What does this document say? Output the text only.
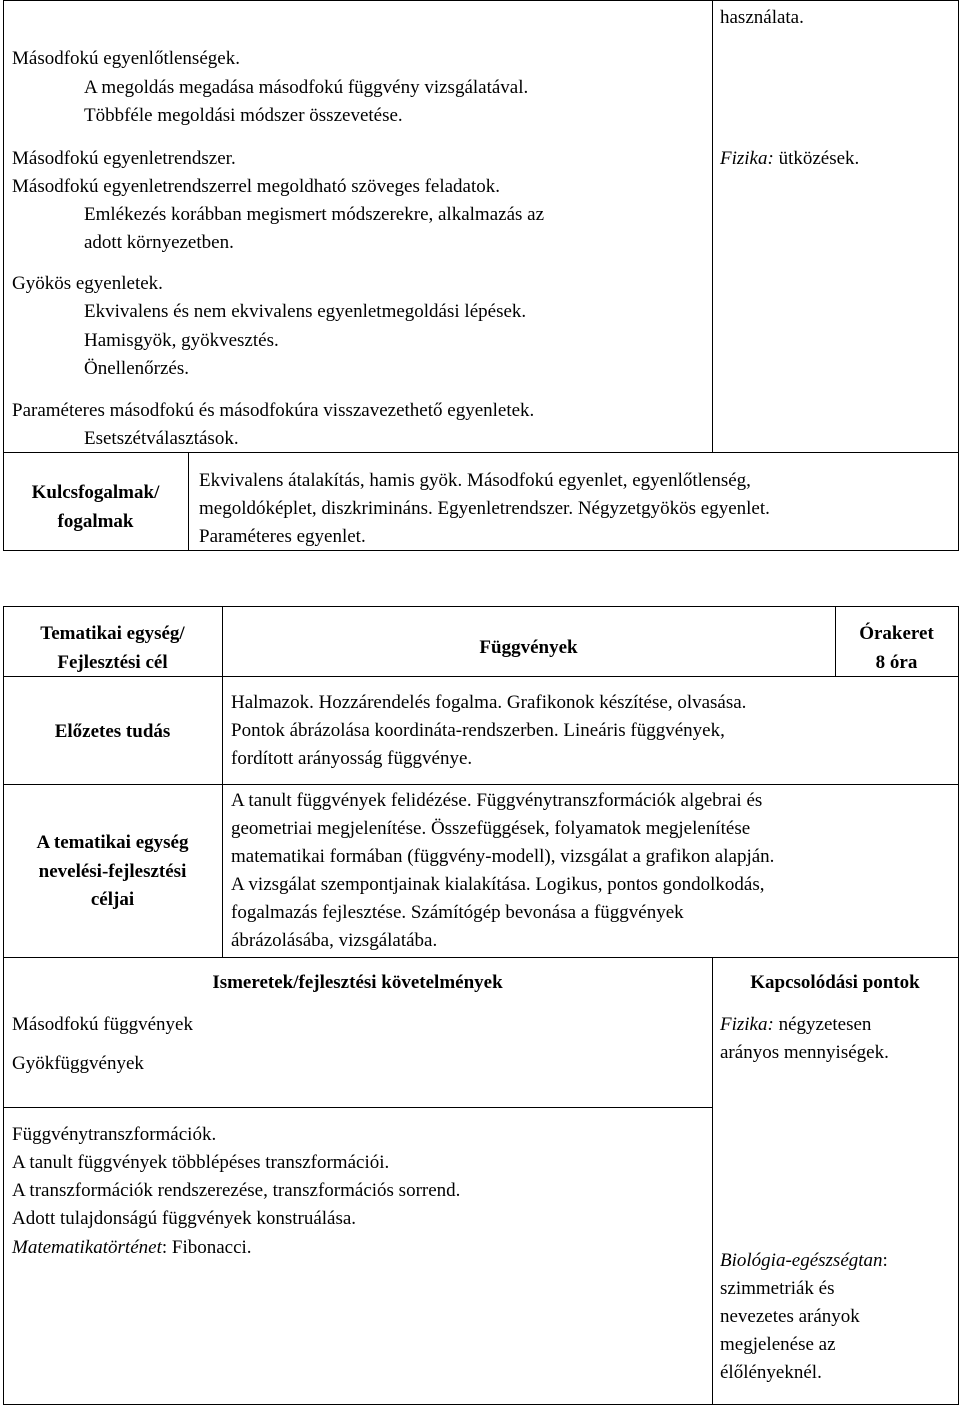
Másodfokú egyenlőtlenségek.
A megoldás megadása másodfokú függvény vizsgálatával.
Többféle megoldási módszer összevetése.
Másodfokú egyenletrendszer.
Másodfokú egyenletrendszerrel megoldható szöveges feladatok.
Emlékezés korábban megismert módszerekre, alkalmazás az
adott környezetben.
Gyökös egyenletek.
Ekvivalens és nem ekvivalens egyenletmegoldási lépések.
Hamisgyök, gyökvesztés.
Önellenőrzés.
Paraméteres másodfokú és másodfokúra visszavezethető egyenletek.
Esetszétválasztások.
használata.
Fizika: ütközések.
Kulcsfogalmak/
fogalmak
Ekvivalens átalakítás, hamis gyök. Másodfokú egyenlet, egyenlőtlenség,
megoldóképlet, diszkrimináns. Egyenletrendszer. Négyzetgyökös egyenlet.
Paraméteres egyenlet.
Tematikai egység/
Fejlesztési cél
Függvények
Órakeret
8 óra
Előzetes tudás
Halmazok. Hozzárendelés fogalma. Grafikonok készítése, olvasása.
Pontok ábrázolása koordináta-rendszerben. Lineáris függvények,
fordított arányosság függvénye.
A tematikai egység
nevelési-fejlesztési
céljai
A tanult függvények felidézése. Függvénytranszformációk algebrai és
geometriai megjelenítése. Összefüggések, folyamatok megjelenítése
matematikai formában (függvény-modell), vizsgálat a grafikon alapján.
A vizsgálat szempontjainak kialakítása. Logikus, pontos gondolkodás,
fogalmazás fejlesztése. Számítógép bevonása a függvények
ábrázolásába, vizsgálatába.
Ismeretek/fejlesztési követelmények	Kapcsolódási pontok
Másodfokú függvények
Gyökfüggvények
Fizika: négyzetesen
arányos mennyiségek.
Függvénytranszformációk.
A tanult függvények többlépéses transzformációi.
A transzformációk rendszerezése, transzformációs sorrend.
Adott tulajdonságú függvények konstruálása.
Matematikatörténet: Fibonacci.
Biológia-egészségtan:
szimmetriák és
nevezetes arányok
megjelenése az
élőlényeknél.
